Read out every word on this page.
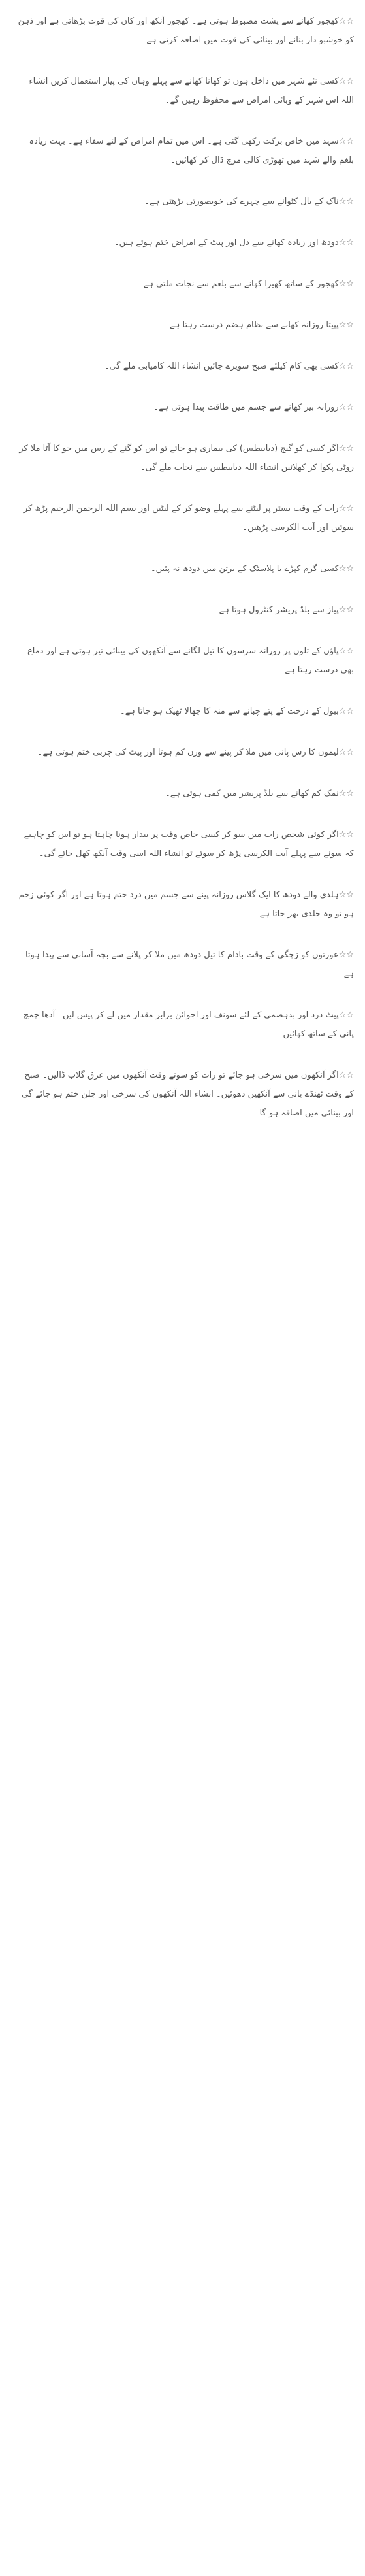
☆☆کھجور کھانے سے پشت مضبوط ہوتی ہے۔ کھجور آنکھ اور کان کی قوت بڑھاتی ہے اور ذہن کو خوشبو دار بنانے اور بینائی کی قوت میں اضافہ کرتی ہے

☆☆کسی نئے شہر میں داخل ہوں تو کھانا کھانے سے پہلے وہاں کی پیاز استعمال کریں انشاء اللہ اس شہر کے وبائی امراض سے محفوظ رہیں گے۔

☆☆شہد میں خاص برکت رکھی گئی ہے۔ اس میں تمام امراض کے لئے شفاء ہے۔ بہت زیادہ بلغم والے شہد میں تھوڑی کالی مرچ ڈال کر کھائیں۔

☆☆ناک کے بال کٹوانے سے چہرے کی خوبصورتی بڑھتی ہے۔

☆☆دودھ اور زیادہ کھانے سے دل اور پیٹ کے امراض ختم ہوتے ہیں۔

☆☆کھجور کے ساتھ کھیرا کھانے سے بلغم سے نجات ملتی ہے۔

☆☆پپیتا روزانہ کھانے سے نظام ہضم درست رہتا ہے۔

☆☆کسی بھی کام کیلئے صبح سویرے جائیں انشاء اللہ کامیابی ملے گی۔

☆☆روزانہ بیر کھانے سے جسم میں طاقت پیدا ہوتی ہے۔

☆☆اگر کسی کو گنج (ذیابیطس) کی بیماری ہو جائے تو اس کو گنے کے رس میں جو کا آٹا ملا کر روٹی پکوا کر کھلائیں انشاء اللہ ذیابیطس سے نجات ملے گی۔

☆☆رات کے وقت بستر پر لیٹنے سے پہلے وضو کر کے لیٹیں اور بسم اللہ الرحمن الرحیم پڑھ کر سوئیں اور آیت الکرسی پڑھیں۔

☆☆کسی گرم کپڑے یا پلاسٹک کے برتن میں دودھ نہ پئیں۔

☆☆پیاز سے بلڈ پریشر کنٹرول ہوتا ہے۔

☆☆پاؤں کے تلوں پر روزانہ سرسوں کا تیل لگانے سے آنکھوں کی بینائی تیز ہوتی ہے اور دماغ بھی درست رہتا ہے۔

☆☆ببول کے درخت کے پتے چبانے سے منہ کا چھالا ٹھیک ہو جاتا ہے۔

☆☆لیموں کا رس پانی میں ملا کر پینے سے وزن کم ہوتا اور پیٹ کی چربی ختم ہوتی ہے۔

☆☆نمک کم کھانے سے بلڈ پریشر میں کمی ہوتی ہے۔

☆☆اگر کوئی شخص رات میں سو کر کسی خاص وقت پر بیدار ہونا چاہتا ہو تو اس کو چاہیے کہ سونے سے پہلے آیت الکرسی پڑھ کر سوئے تو انشاء اللہ اسی وقت آنکھ کھل جائے گی۔

☆☆ہلدی والے دودھ کا ایک گلاس روزانہ پینے سے جسم میں درد ختم ہوتا ہے اور اگر کوئی زخم ہو تو وہ جلدی بھر جاتا ہے۔

☆☆عورتوں کو زچگی کے وقت بادام کا تیل دودھ میں ملا کر پلانے سے بچہ آسانی سے پیدا ہوتا ہے۔

☆☆پیٹ درد اور بدہضمی کے لئے سونف اور اجوائن برابر مقدار میں لے کر پیس لیں۔ آدھا چمچ پانی کے ساتھ کھائیں۔

☆☆اگر آنکھوں میں سرخی ہو جائے تو رات کو سوتے وقت آنکھوں میں عرق گلاب ڈالیں۔ صبح کے وقت ٹھنڈے پانی سے آنکھیں دھوئیں۔ انشاء اللہ آنکھوں کی سرخی اور جلن ختم ہو جائے گی اور بینائی میں اضافہ ہو گا۔
